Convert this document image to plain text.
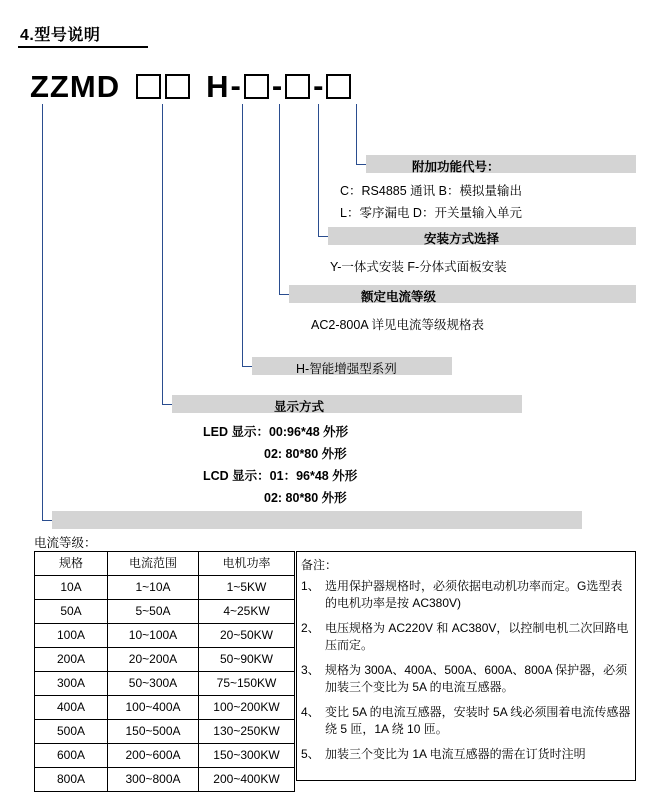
4.型号说明
ZZMD	H - - -
附加功能代号：
C：RS4885 通讯 B：模拟量输出
L：零序漏电 D：开关量输入单元
安装方式选择
Y-一体式安装 F-分体式面板安装
额定电流等级
AC2-800A 详见电流等级规格表
H-智能增强型系列
显示方式
LED 显示：00:96*48 外形
02: 80*80 外形
LCD 显示：01：96*48 外形
02: 80*80 外形
电流等级：
规格	电流范围	电机功率
10A	1~10A	1~5KW
50A	5~50A	4~25KW
100A	10~100A	20~50KW
200A	20~200A	50~90KW
300A	50~300A	75~150KW
400A	100~400A	100~200KW
500A	150~500A	130~250KW
600A	200~600A	150~300KW
800A	300~800A	200~400KW
备注：
1、 选用保护器规格时，必须依据电动机功率而定。G选型表的电机功率是按 AC380V)
2、 电压规格为 AC220V 和 AC380V，以控制电机二次回路电压而定。
3、 规格为 300A、400A、500A、600A、800A 保护器，必须加装三个变比为 5A 的电流互感器。
4、 变比 5A 的电流互感器，安装时 5A 线必须围着电流传感器绕 5 匝，1A 绕 10 匝。
5、 加装三个变比为 1A 电流互感器的需在订货时注明
